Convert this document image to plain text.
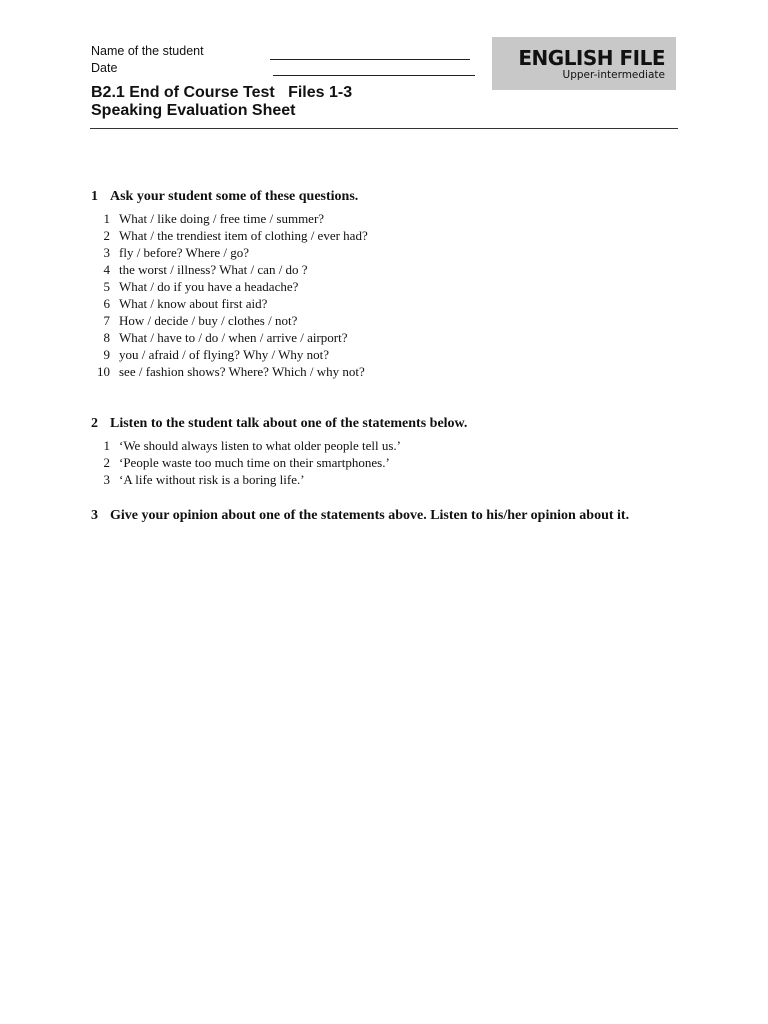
Name of the student
Date	ENGLISH FILE
Upper-intermediate
B2.1 End of Course Test   Files 1-3
Speaking Evaluation Sheet
1 Ask your student some of these questions.
1 What / like doing / free time / summer?
2 What / the trendiest item of clothing / ever had?
3 fly / before? Where / go?
4 the worst / illness? What / can / do ?
5 What / do if you have a headache?
6 What / know about first aid?
7 How / decide / buy / clothes / not?
8 What / have to / do / when / arrive / airport?
9 you / afraid / of flying? Why / Why not?
10 see / fashion shows? Where? Which / why not?
2 Listen to the student talk about one of the statements below.
1 ‘We should always listen to what older people tell us.’
2 ‘People waste too much time on their smartphones.’
3 ‘A life without risk is a boring life.’
3 Give your opinion about one of the statements above. Listen to his/her opinion about it.
